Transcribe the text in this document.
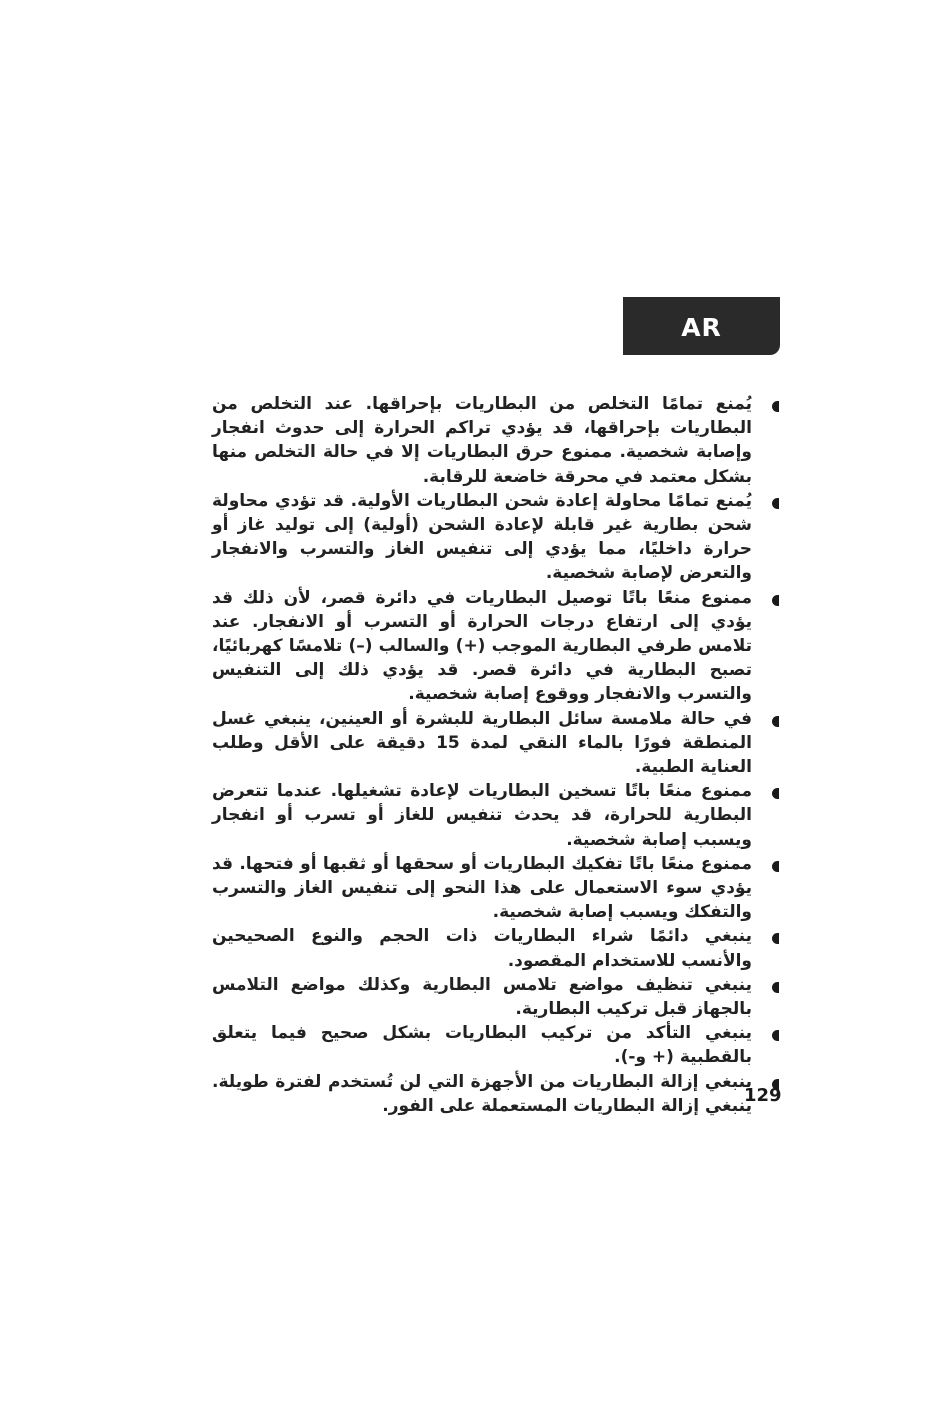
AR
يُمنع تمامًا التخلص من البطاريات بإحراقها. عند التخلص من البطاريات بإحراقها، قد يؤدي تراكم الحرارة إلى حدوث انفجار وإصابة شخصية. ممنوع حرق البطاريات إلا في حالة التخلص منها بشكل معتمد في محرقة خاضعة للرقابة.
يُمنع تمامًا محاولة إعادة شحن البطاريات الأولية. قد تؤدي محاولة شحن بطارية غير قابلة لإعادة الشحن (أولية) إلى توليد غاز أو حرارة داخليًا، مما يؤدي إلى تنفيس الغاز والتسرب والانفجار والتعرض لإصابة شخصية.
ممنوع منعًا باتًا توصيل البطاريات في دائرة قصر، لأن ذلك قد يؤدي إلى ارتفاع درجات الحرارة أو التسرب أو الانفجار. عند تلامس طرفي البطارية الموجب (+) والسالب (–) تلامسًا كهربائيًا، تصبح البطارية في دائرة قصر. قد يؤدي ذلك إلى التنفيس والتسرب والانفجار ووقوع إصابة شخصية.
في حالة ملامسة سائل البطارية للبشرة أو العينين، ينبغي غسل المنطقة فورًا بالماء النقي لمدة 15 دقيقة على الأقل وطلب العناية الطبية.
ممنوع منعًا باتًا تسخين البطاريات لإعادة تشغيلها. عندما تتعرض البطارية للحرارة، قد يحدث تنفيس للغاز أو تسرب أو انفجار ويسبب إصابة شخصية.
ممنوع منعًا باتًا تفكيك البطاريات أو سحقها أو ثقبها أو فتحها. قد يؤدي سوء الاستعمال على هذا النحو إلى تنفيس الغاز والتسرب والتفكك ويسبب إصابة شخصية.
ينبغي دائمًا شراء البطاريات ذات الحجم والنوع الصحيحين والأنسب للاستخدام المقصود.
ينبغي تنظيف مواضع تلامس البطارية وكذلك مواضع التلامس بالجهاز قبل تركيب البطارية.
ينبغي التأكد من تركيب البطاريات بشكل صحيح فيما يتعلق بالقطبية (+ و-).
ينبغي إزالة البطاريات من الأجهزة التي لن تُستخدم لفترة طويلة. ينبغي إزالة البطاريات المستعملة على الفور.
129
